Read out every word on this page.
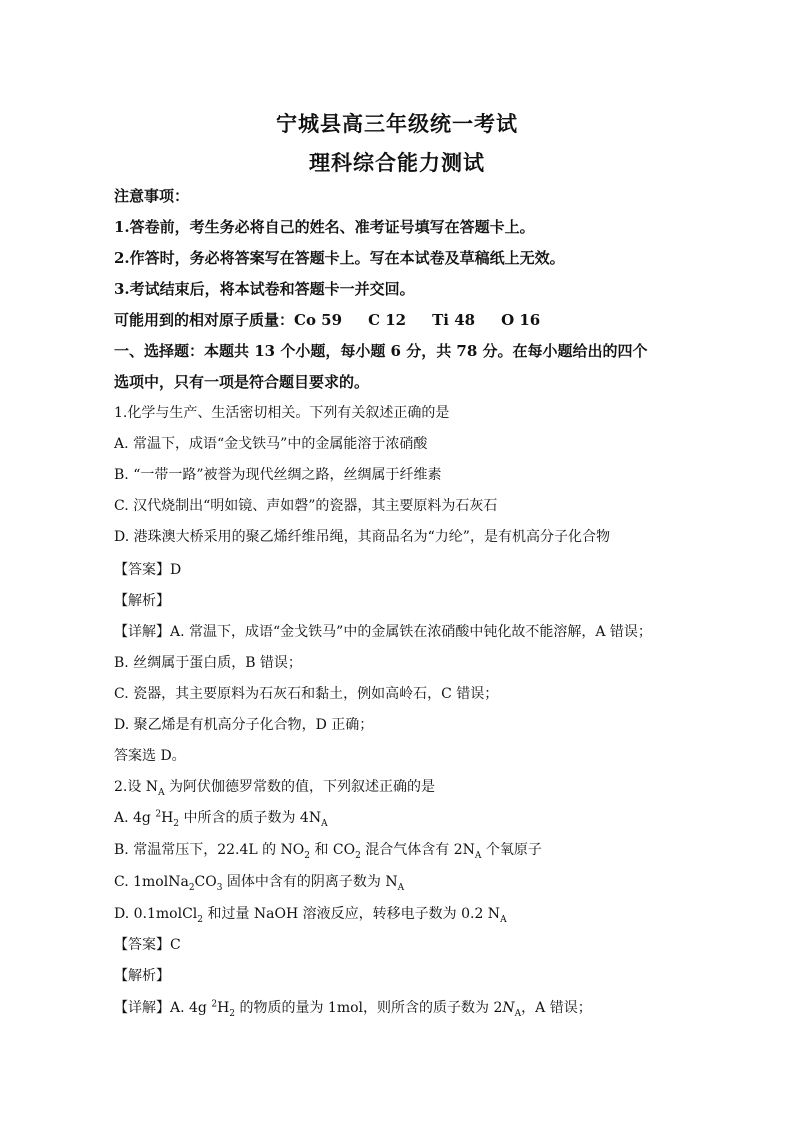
宁城县高三年级统一考试
理科综合能力测试
注意事项：
1.答卷前，考生务必将自己的姓名、准考证号填写在答题卡上。
2.作答时，务必将答案写在答题卡上。写在本试卷及草稿纸上无效。
3.考试结束后，将本试卷和答题卡一并交回。
可能用到的相对原子质量：Co 59 C 12 Ti 48 O 16
一、选择题：本题共 13 个小题，每小题 6 分，共 78 分。在每小题给出的四个
选项中，只有一项是符合题目要求的。
1.化学与生产、生活密切相关。下列有关叙述正确的是
A. 常温下，成语“金戈铁马”中的金属能溶于浓硝酸
B. “一带一路”被誉为现代丝绸之路，丝绸属于纤维素
C. 汉代烧制出“明如镜、声如磬”的瓷器，其主要原料为石灰石
D. 港珠澳大桥采用的聚乙烯纤维吊绳，其商品名为“力纶”，是有机高分子化合物
【答案】D
【解析】
【详解】A. 常温下，成语“金戈铁马”中的金属铁在浓硝酸中钝化故不能溶解，A 错误；
B. 丝绸属于蛋白质，B 错误；
C. 瓷器，其主要原料为石灰石和黏土，例如高岭石，C 错误；
D. 聚乙烯是有机高分子化合物，D 正确；
答案选 D。
2.设 $N_A$ 为阿伏伽德罗常数的值，下列叙述正确的是
A. 4g $^2H_2$ 中所含的质子数为 $4N_A$
B. 常温常压下，22.4L 的 $NO_2$ 和 $CO_2$ 混合气体含有 $2N_A$ 个氧原子
C. $1molNa_2CO_3$ 固体中含有的阴离子数为 $N_A$
D. 0.1molCl$_2$ 和过量 NaOH 溶液反应，转移电子数为 0.2 $N_A$
【答案】C
【解析】
【详解】A. 4g $^2H_2$ 的物质的量为 1mol，则所含的质子数为 $2N_A$，A 错误；
